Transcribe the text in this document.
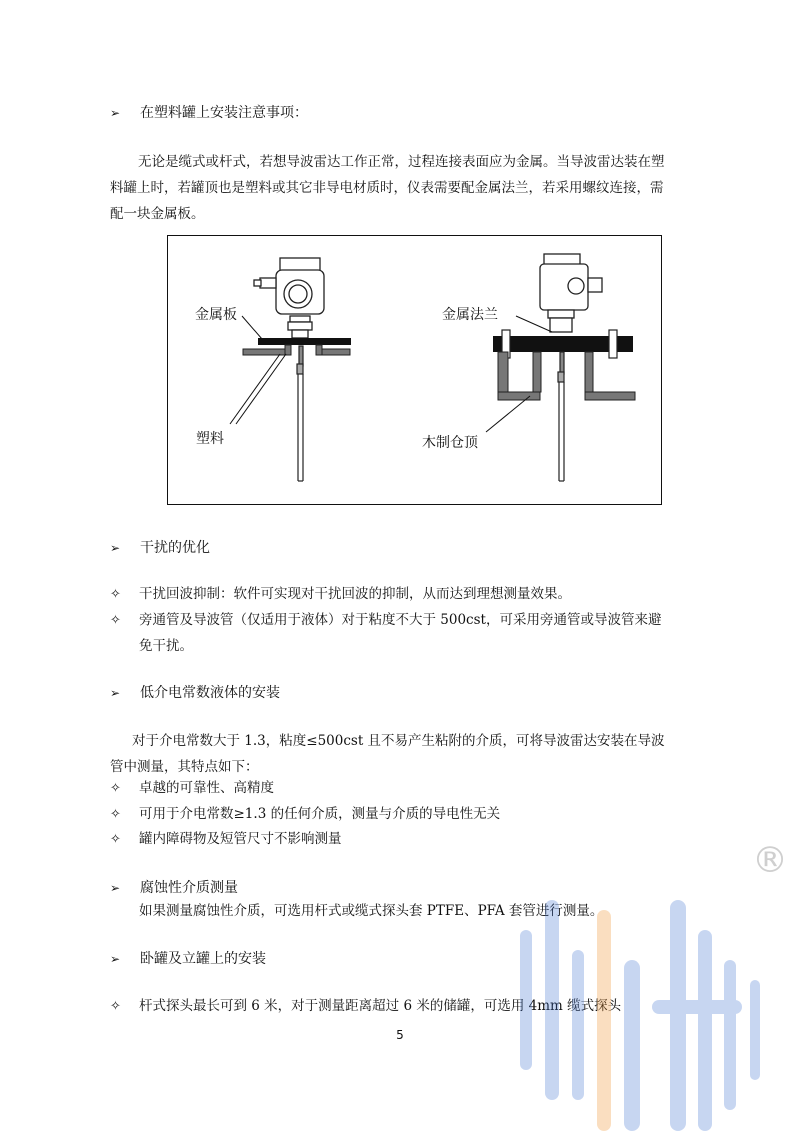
➢ 在塑料罐上安装注意事项：
无论是缆式或杆式，若想导波雷达工作正常，过程连接表面应为金属。当导波雷达装在塑
料罐上时，若罐顶也是塑料或其它非导电材质时，仪表需要配金属法兰，若采用螺纹连接，需
配一块金属板。
金属板
塑料
金属法兰
木制仓顶
➢ 干扰的优化
✧ 干扰回波抑制：软件可实现对干扰回波的抑制，从而达到理想测量效果。
✧ 旁通管及导波管（仅适用于液体）对于粘度不大于 500cst，可采用旁通管或导波管来避
免干扰。
➢ 低介电常数液体的安装
对于介电常数大于 1.3，粘度≤500cst 且不易产生粘附的介质，可将导波雷达安装在导波
管中测量，其特点如下：
✧ 卓越的可靠性、高精度
✧ 可用于介电常数≥1.3 的任何介质，测量与介质的导电性无关
✧ 罐内障碍物及短管尺寸不影响测量
➢ 腐蚀性介质测量
如果测量腐蚀性介质，可选用杆式或缆式探头套 PTFE、PFA 套管进行测量。
➢ 卧罐及立罐上的安装
✧ 杆式探头最长可到 6 米，对于测量距离超过 6 米的储罐，可选用 4mm 缆式探头
5
®
